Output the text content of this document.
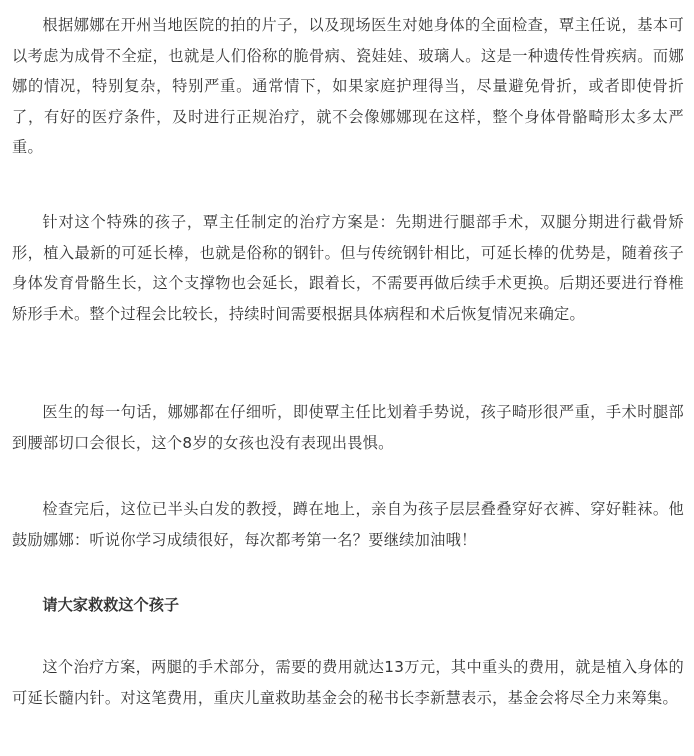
根据娜娜在开州当地医院的拍的片子，以及现场医生对她身体的全面检查，覃主任说，基本可以考虑为成骨不全症，也就是人们俗称的脆骨病、瓷娃娃、玻璃人。这是一种遗传性骨疾病。而娜娜的情况，特别复杂，特别严重。通常情下，如果家庭护理得当，尽量避免骨折，或者即使骨折了，有好的医疗条件，及时进行正规治疗，就不会像娜娜现在这样，整个身体骨骼畸形太多太严重。

针对这个特殊的孩子，覃主任制定的治疗方案是：先期进行腿部手术，双腿分期进行截骨矫形，植入最新的可延长棒，也就是俗称的钢针。但与传统钢针相比，可延长棒的优势是，随着孩子身体发育骨骼生长，这个支撑物也会延长，跟着长，不需要再做后续手术更换。后期还要进行脊椎矫形手术。整个过程会比较长，持续时间需要根据具体病程和术后恢复情况来确定。

医生的每一句话，娜娜都在仔细听，即使覃主任比划着手势说，孩子畸形很严重，手术时腿部到腰部切口会很长，这个8岁的女孩也没有表现出畏惧。

检查完后，这位已半头白发的教授，蹲在地上，亲自为孩子层层叠叠穿好衣裤、穿好鞋袜。他鼓励娜娜：听说你学习成绩很好，每次都考第一名？要继续加油哦！

请大家救救这个孩子

这个治疗方案，两腿的手术部分，需要的费用就达13万元，其中重头的费用，就是植入身体的可延长髓内针。对这笔费用，重庆儿童救助基金会的秘书长李新慧表示，基金会将尽全力来筹集。
